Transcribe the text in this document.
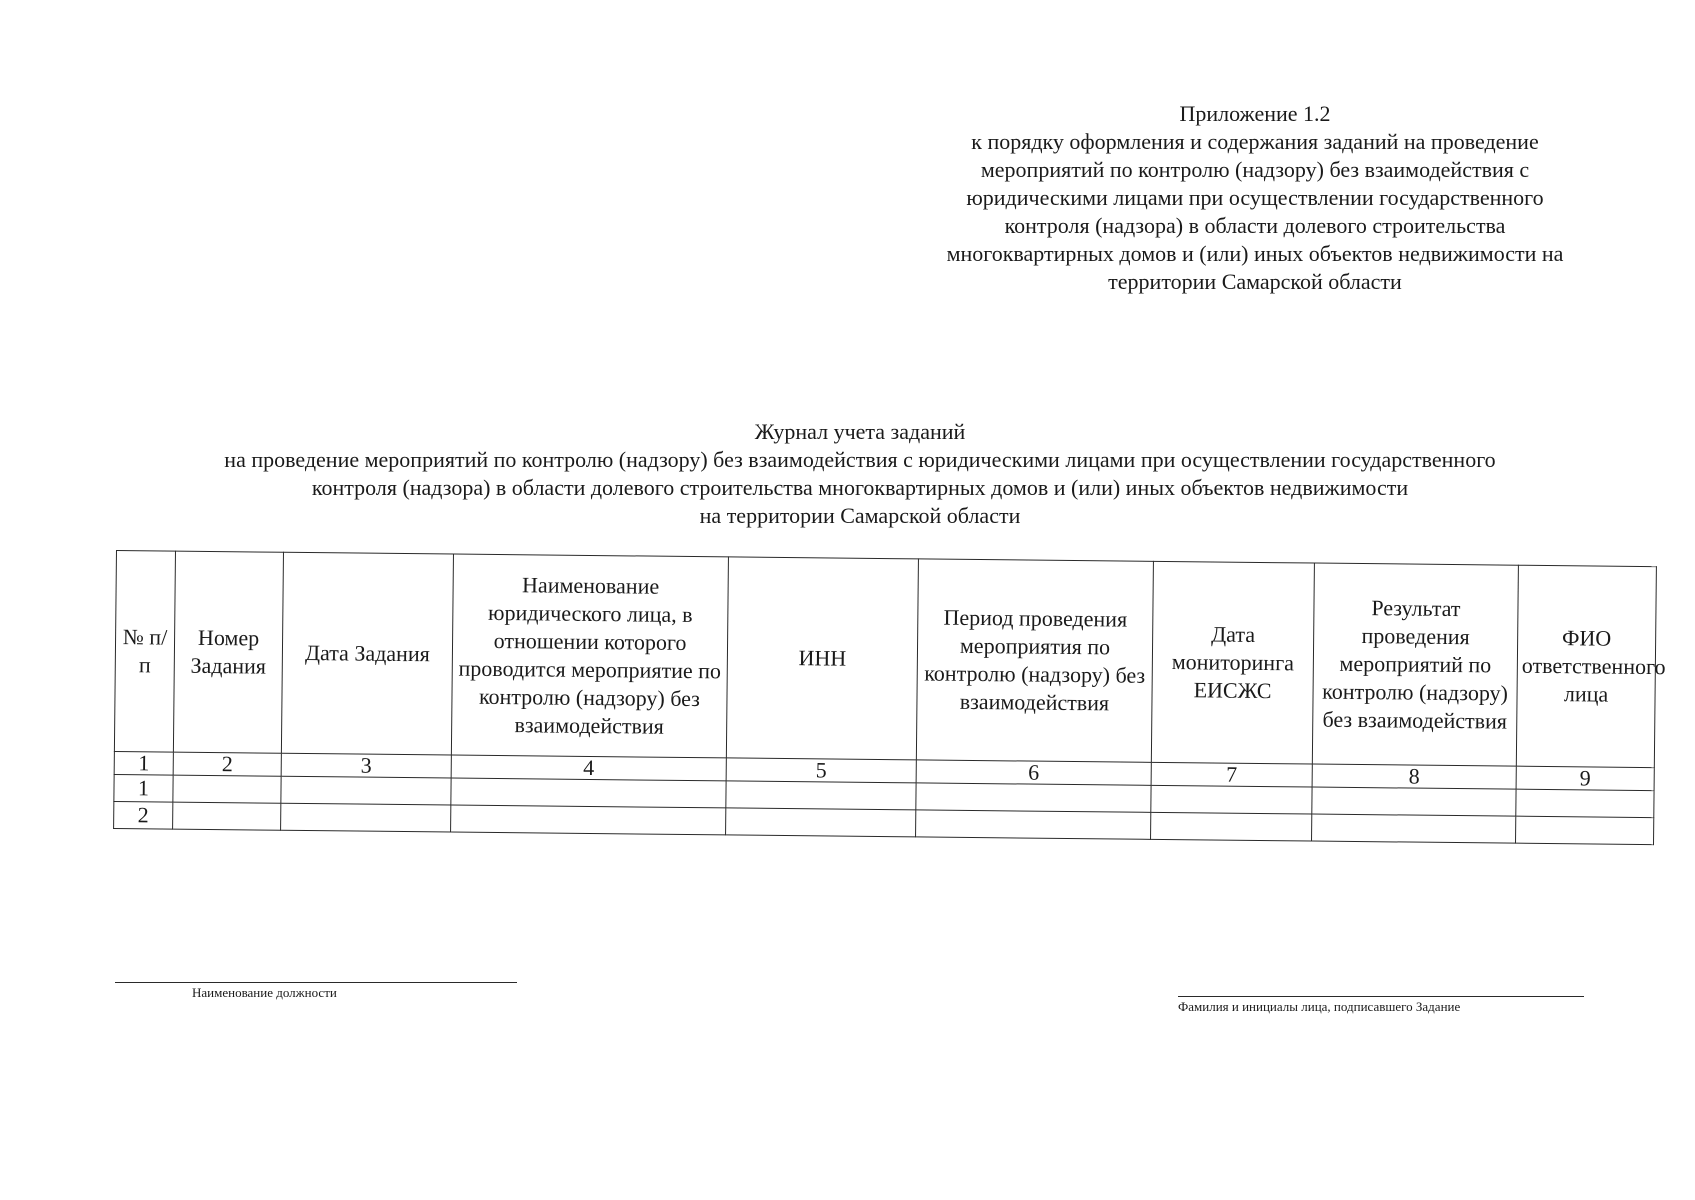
Приложение 1.2
к порядку оформления и содержания заданий на проведение
мероприятий по контролю (надзору) без взаимодействия с
юридическими лицами при осуществлении государственного
контроля (надзора) в области долевого строительства
многоквартирных домов и (или) иных объектов недвижимости на
территории Самарской области
Журнал учета заданий
на проведение мероприятий по контролю (надзору) без взаимодействия с юридическими лицами при осуществлении государственного
контроля (надзора) в области долевого строительства многоквартирных домов и (или) иных объектов недвижимости
на территории Самарской области
№ п/п	Номер Задания	Дата Задания	Наименование юридического лица, в отношении которого проводится мероприятие по контролю (надзору) без взаимодействия	ИНН	Период проведения мероприятия по контролю (надзору) без взаимодействия	Дата мониторинга ЕИСЖС	Результат проведения мероприятий по контролю (надзору) без взаимодействия	ФИО ответственного лица
1	2	3	4	5	6	7	8	9
1								
2								
Наименование должности
Фамилия и инициалы лица, подписавшего Задание
